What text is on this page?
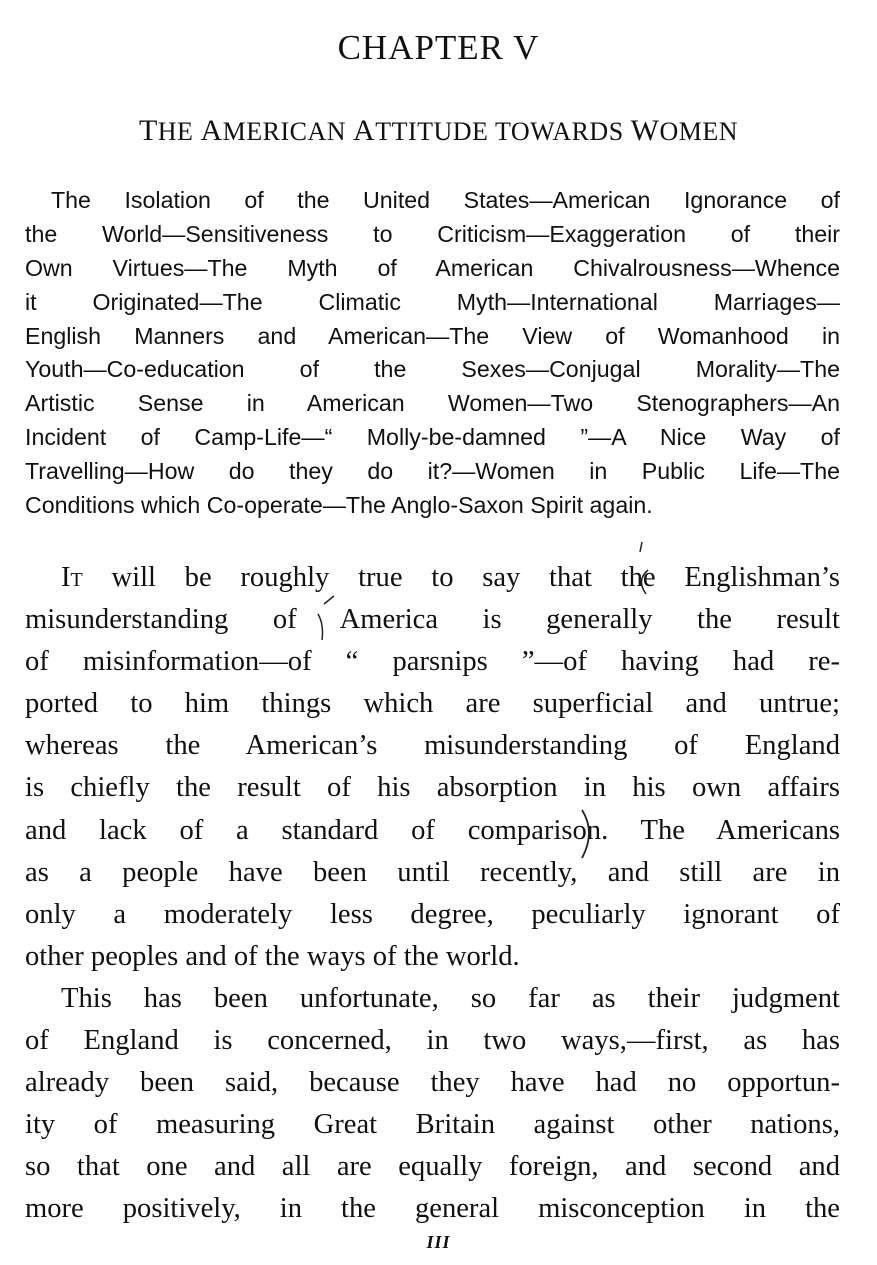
CHAPTER V
THE AMERICAN ATTITUDE TOWARDS WOMEN
The Isolation of the United States—American Ignorance of
the World—Sensitiveness to Criticism—Exaggeration of their
Own Virtues—The Myth of American Chivalrousness—Whence
it Originated—The Climatic Myth—International Marriages—
English Manners and American—The View of Womanhood in
Youth—Co-education of the Sexes—Conjugal Morality—The
Artistic Sense in American Women—Two Stenographers—An
Incident of Camp-Life—“ Molly-be-damned ”—A Nice Way of
Travelling—How do they do it?—Women in Public Life—The
Conditions which Co-operate—The Anglo-Saxon Spirit again.
It will be roughly true to say that the Englishman’s
misunderstanding of America is generally the result
of misinformation—of “ parsnips ”—of having had re-
ported to him things which are superficial and untrue;
whereas the American’s misunderstanding of England
is chiefly the result of his absorption in his own affairs
and lack of a standard of comparison. The Americans
as a people have been until recently, and still are in
only a moderately less degree, peculiarly ignorant of
other peoples and of the ways of the world.
This has been unfortunate, so far as their judgment
of England is concerned, in two ways,—first, as has
already been said, because they have had no opportun-
ity of measuring Great Britain against other nations,
so that one and all are equally foreign, and second and
more positively, in the general misconception in the
III
